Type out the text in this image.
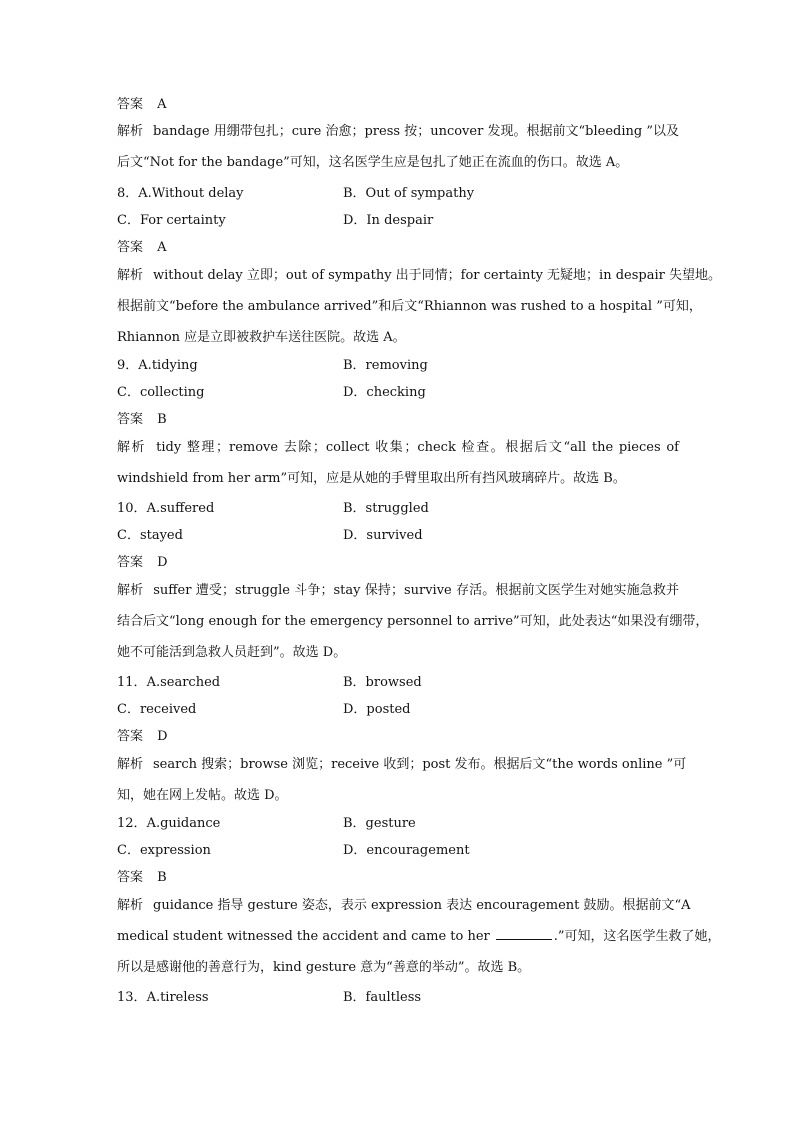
答案 A
解析 bandage 用绷带包扎；cure 治愈；press 按；uncover 发现。根据前文“bleeding ”以及
后文“Not for the bandage”可知，这名医学生应是包扎了她正在流血的伤口。故选 A。
8．A.Without delay	B．Out of sympathy
C．For certainty	D．In despair
答案 A
解析 without delay 立即；out of sympathy 出于同情；for certainty 无疑地；in despair 失望地。
根据前文“before the ambulance arrived”和后文“Rhiannon was rushed to a hospital ”可知，
Rhiannon 应是立即被救护车送往医院。故选 A。
9．A.tidying	B．removing
C．collecting	D．checking
答案 B
解析 tidy 整理；remove 去除；collect 收集；check 检查。根据后文“all the pieces of
windshield from her arm”可知，应是从她的手臂里取出所有挡风玻璃碎片。故选 B。
10．A.suffered	B．struggled
C．stayed	D．survived
答案 D
解析 suffer 遭受；struggle 斗争；stay 保持；survive 存活。根据前文医学生对她实施急救并
结合后文“long enough for the emergency personnel to arrive”可知，此处表达“如果没有绷带，
她不可能活到急救人员赶到”。故选 D。
11．A.searched	B．browsed
C．received	D．posted
答案 D
解析 search 搜索；browse 浏览；receive 收到；post 发布。根据后文“the words online ”可
知，她在网上发帖。故选 D。
12．A.guidance	B．gesture
C．expression	D．encouragement
答案 B
解析 guidance 指导 gesture 姿态，表示 expression 表达 encouragement 鼓励。根据前文“A
medical student witnessed the accident and came to her	.”可知，这名医学生救了她，
所以是感谢他的善意行为，kind gesture 意为“善意的举动”。故选 B。
13．A.tireless	B．faultless
